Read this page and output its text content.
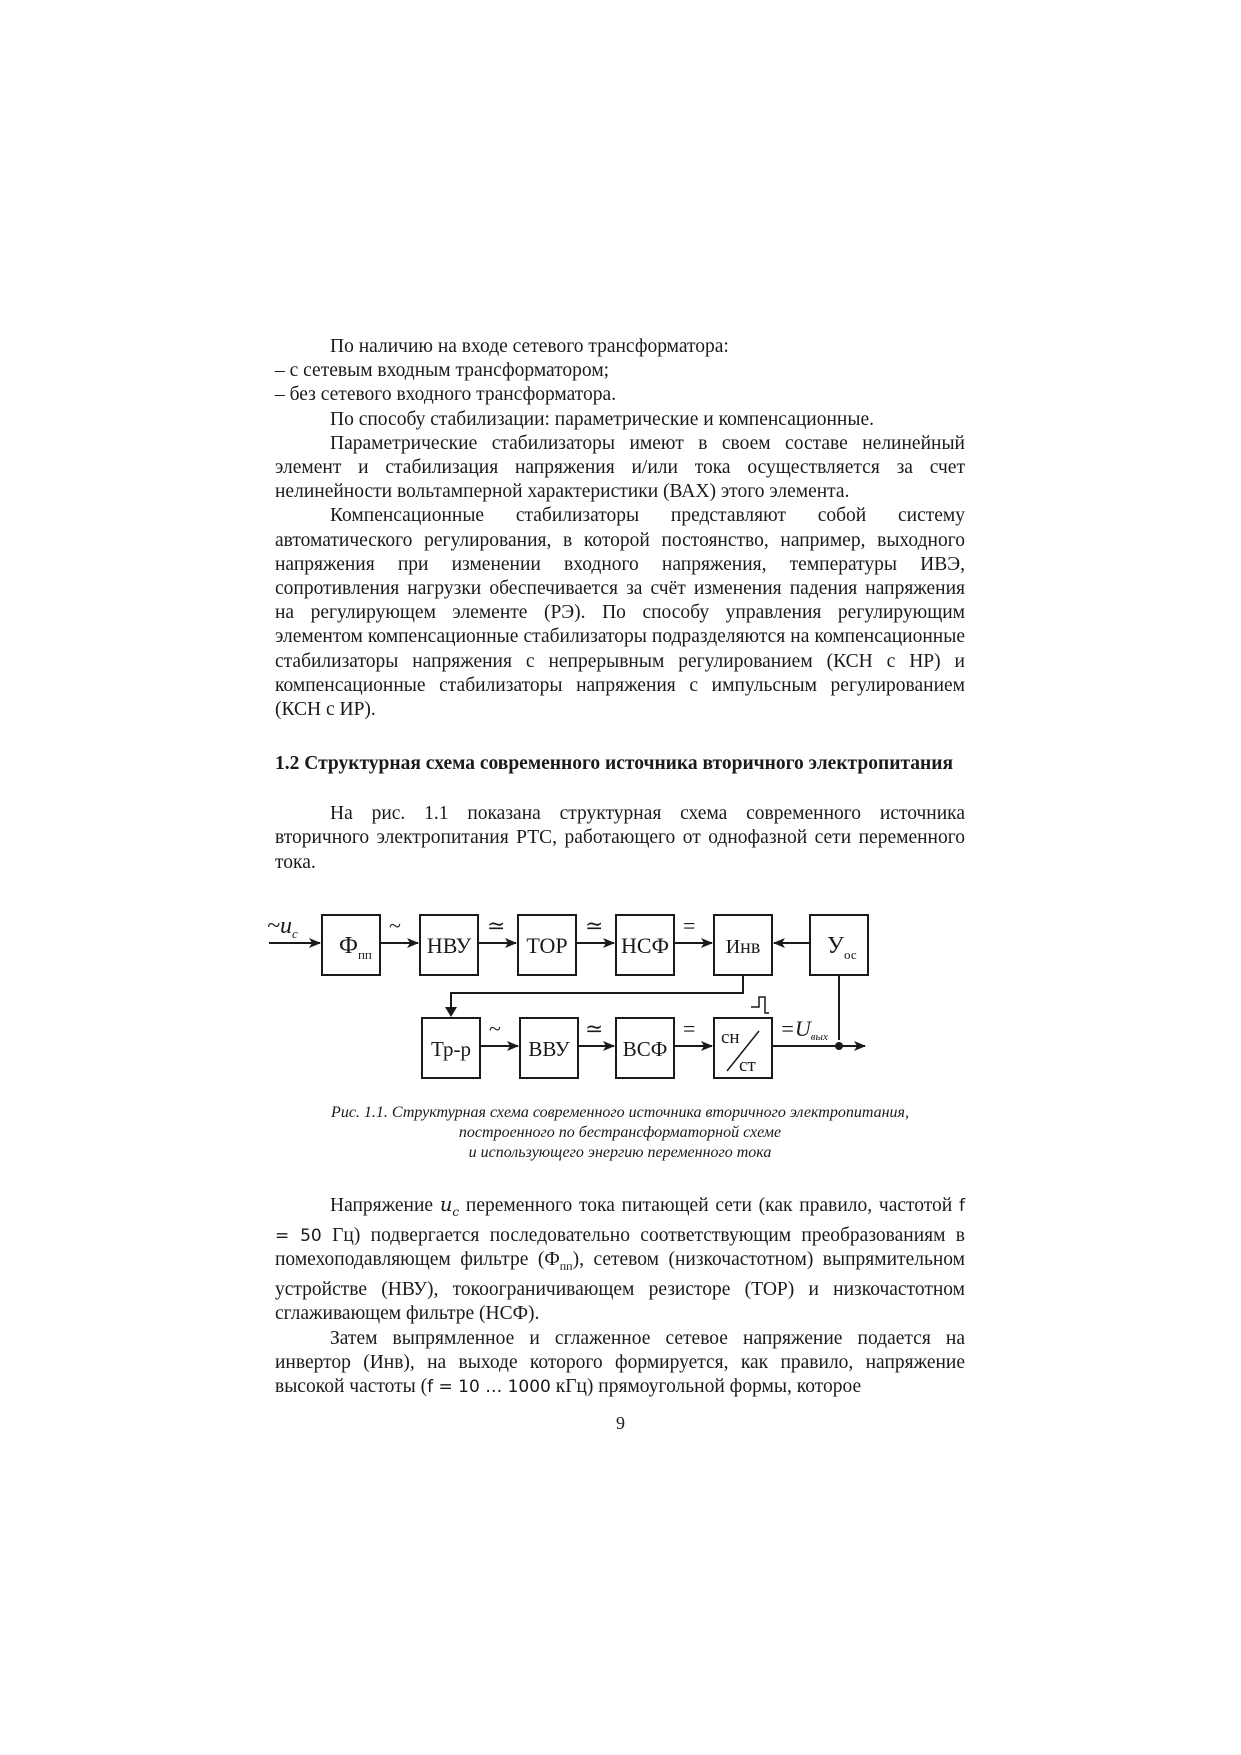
По наличию на входе сетевого трансформатора:

– с сетевым входным трансформатором;

– без сетевого входного трансформатора.

По способу стабилизации: параметрические и компенсационные.

Параметрические стабилизаторы имеют в своем составе нелинейный элемент и стабилизация напряжения и/или тока осуществляется за счет нелинейности вольтамперной характеристики (ВАХ) этого элемента.

Компенсационные стабилизаторы представляют собой систему автоматического регулирования, в которой постоянство, например, выходного напряжения при изменении входного напряжения, температуры ИВЭ, сопротивления нагрузки обеспечивается за счёт изменения падения напряжения на регулирующем элементе (РЭ). По способу управления регулирующим элементом компенсационные стабилизаторы подразделяются на компенсационные стабилизаторы напряжения с непрерывным регулированием (КСН с НР) и компенсационные стабилизаторы напряжения с импульсным регулированием (КСН с ИР).

1.2 Структурная схема современного источника вторичного электропитания

На рис. 1.1 показана структурная схема современного источника вторичного электропитания РТС, работающего от однофазной сети переменного тока.

$\sim u_c$ $Ф_{пп}$
~
НВУ
≃
ТОР
≃
НСФ
=
Инв	$У_{ос}$
Тр-р
~
ВВУ
≃
ВСФ
= сн
ст
=Uвых
Рис. 1.1. Структурная схема современного источника вторичного электропитания,
построенного по бестрансформаторной схеме
и использующего энергию переменного тока

Напряжение $u_c$ переменного тока питающей сети (как правило, частотой f = 50 Гц) подвергается последовательно соответствующим преобразованиям в помехоподавляющем фильтре $(Ф_{пп})$, сетевом (низкочастотном) выпрямительном устройстве (НВУ), токоограничивающем резисторе (ТОР) и низкочастотном сглаживающем фильтре (НСФ).

Затем выпрямленное и сглаженное сетевое напряжение подается на инвертор (Инв), на выходе которого формируется, как правило, напряжение высокой частоты (f = 10 … 1000 кГц) прямоугольной формы, которое

9
